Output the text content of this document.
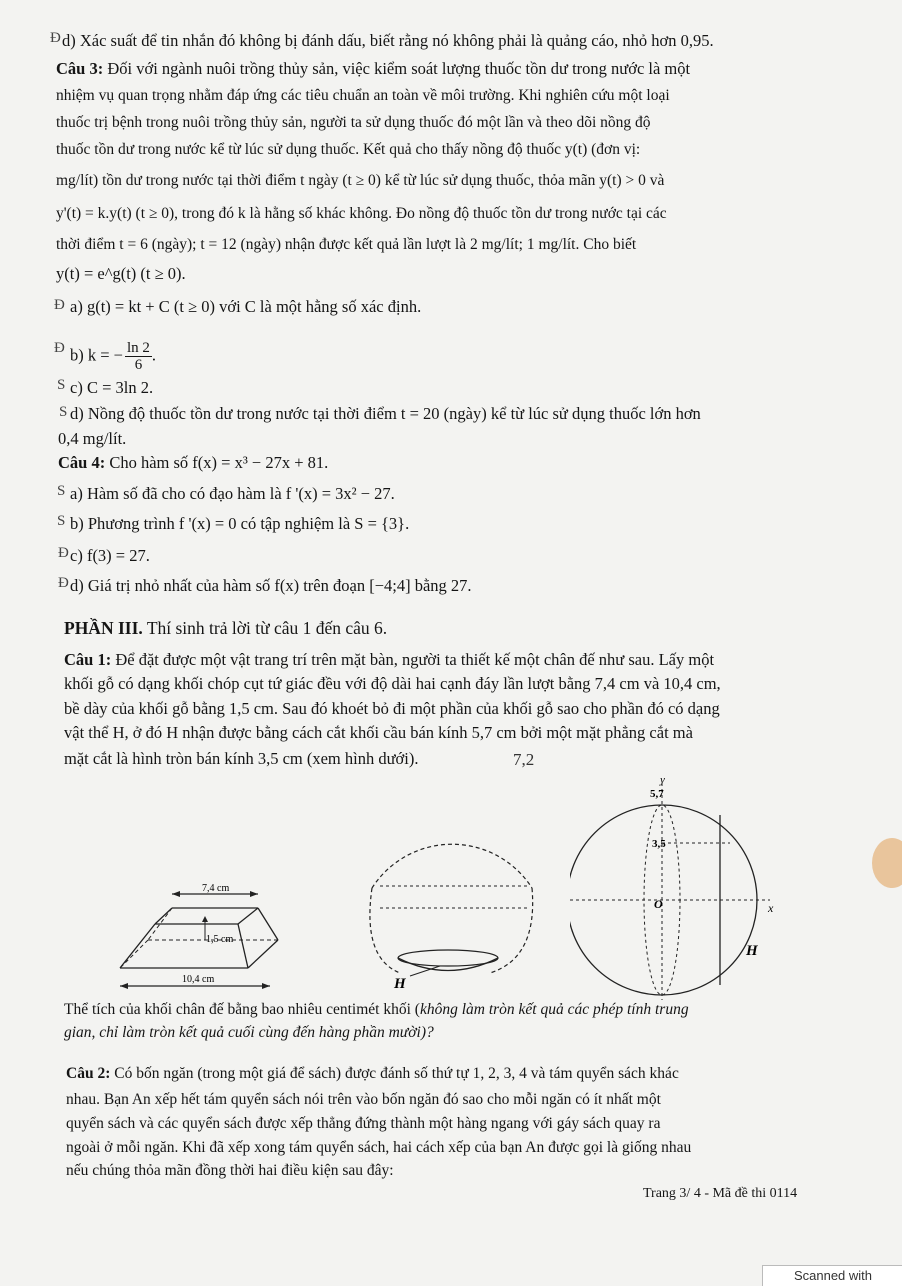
Đ d) Xác suất để tin nhắn đó không bị đánh dấu, biết rằng nó không phải là quảng cáo, nhỏ hơn 0,95.
Câu 3: Đối với ngành nuôi trồng thủy sản, việc kiểm soát lượng thuốc tồn dư trong nước là một
nhiệm vụ quan trọng nhằm đáp ứng các tiêu chuẩn an toàn về môi trường. Khi nghiên cứu một loại
thuốc trị bệnh trong nuôi trồng thủy sản, người ta sử dụng thuốc đó một lần và theo dõi nồng độ
thuốc tồn dư trong nước kể từ lúc sử dụng thuốc. Kết quả cho thấy nồng độ thuốc y(t) (đơn vị:
mg/lít) tồn dư trong nước tại thời điểm t ngày (t ≥ 0) kể từ lúc sử dụng thuốc, thỏa mãn y(t) > 0 và
y'(t) = k.y(t) (t ≥ 0), trong đó k là hằng số khác không. Đo nồng độ thuốc tồn dư trong nước tại các
thời điểm t = 6 (ngày); t = 12 (ngày) nhận được kết quả lần lượt là 2 mg/lít; 1 mg/lít. Cho biết
y(t) = e^g(t) (t ≥ 0).
Đ a) g(t) = kt + C (t ≥ 0) với C là một hằng số xác định.
Đ b) k = − $\frac{\ln 2}{6}$ .
S c) C = 3ln 2.
S d) Nồng độ thuốc tồn dư trong nước tại thời điểm t = 20 (ngày) kể từ lúc sử dụng thuốc lớn hơn
0,4 mg/lít.
Câu 4: Cho hàm số f(x) = x³ − 27x + 81.
S a) Hàm số đã cho có đạo hàm là f '(x) = 3x² − 27.
S b) Phương trình f '(x) = 0 có tập nghiệm là S = {3}.
Đ c) f(3) = 27.
Đ d) Giá trị nhỏ nhất của hàm số f(x) trên đoạn [−4;4] bằng 27.
PHẦN III. Thí sinh trả lời từ câu 1 đến câu 6.
Câu 1: Để đặt được một vật trang trí trên mặt bàn, người ta thiết kế một chân đế như sau. Lấy một
khối gỗ có dạng khối chóp cụt tứ giác đều với độ dài hai cạnh đáy lần lượt bằng 7,4 cm và 10,4 cm,
bề dày của khối gỗ bằng 1,5 cm. Sau đó khoét bỏ đi một phần của khối gỗ sao cho phần đó có dạng
vật thể H, ở đó H nhận được bằng cách cắt khối cầu bán kính 5,7 cm bởi một mặt phẳng cắt mà
mặt cắt là hình tròn bán kính 3,5 cm (xem hình dưới).	7,2
7,4 cm
1,5 cm
10,4 cm	H
y
5,7
3,5
O	x
H
Thể tích của khối chân đế bằng bao nhiêu centimét khối (không làm tròn kết quả các phép tính trung
gian, chỉ làm tròn kết quả cuối cùng đến hàng phần mười)?
Câu 2: Có bốn ngăn (trong một giá để sách) được đánh số thứ tự 1, 2, 3, 4 và tám quyển sách khác
nhau. Bạn An xếp hết tám quyển sách nói trên vào bốn ngăn đó sao cho mỗi ngăn có ít nhất một
quyển sách và các quyển sách được xếp thẳng đứng thành một hàng ngang với gáy sách quay ra
ngoài ở mỗi ngăn. Khi đã xếp xong tám quyển sách, hai cách xếp của bạn An được gọi là giống nhau
nếu chúng thỏa mãn đồng thời hai điều kiện sau đây:
Trang 3/ 4 - Mã đề thi 0114
Scanned with
